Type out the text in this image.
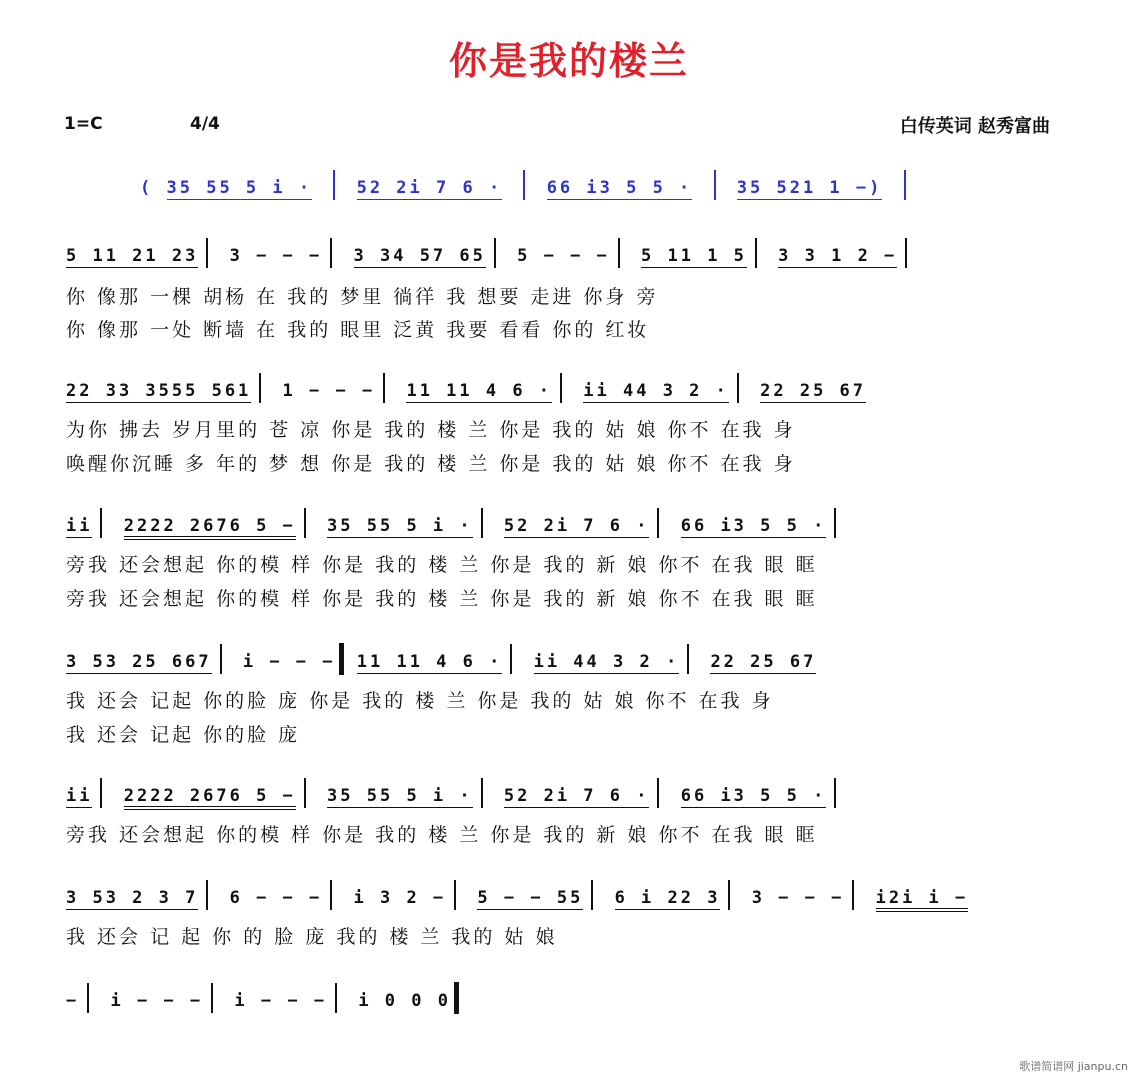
你是我的楼兰
1=C	4/4	白传英词 赵秀富曲
( 35 55 5 i ·	52 2i 7 6 ·	66 i3 5 5 ·	35 521 1 −)
5 11 21 23 3 − − − 3 34 57 65 5 − − − 5 11 1 5 3 3 1 2 −
你 像那 一棵 胡杨 在 我的 梦里 徜徉 我 想要 走进 你身 旁
你 像那 一处 断墙 在 我的 眼里 泛黄 我要 看看 你的 红妆
22 33 3555 561 1 − − − 11 11 4 6 · ii 44 3 2 · 22 25 67
为你 拂去 岁月里的 苍 凉 你是 我的 楼 兰 你是 我的 姑 娘 你不 在我 身
唤醒你沉睡 多 年的 梦 想 你是 我的 楼 兰 你是 我的 姑 娘 你不 在我 身
ii 2222 2676 5 − 35 55 5 i · 52 2i 7 6 · 66 i3 5 5 ·
旁我 还会想起 你的模 样 你是 我的 楼 兰 你是 我的 新 娘 你不 在我 眼 眶
旁我 还会想起 你的模 样 你是 我的 楼 兰 你是 我的 新 娘 你不 在我 眼 眶
3 53 25 667 i − − − 11 11 4 6 · ii 44 3 2 · 22 25 67
我 还会 记起 你的脸 庞 你是 我的 楼 兰 你是 我的 姑 娘 你不 在我 身
我 还会 记起 你的脸 庞
ii 2222 2676 5 − 35 55 5 i · 52 2i 7 6 · 66 i3 5 5 ·
旁我 还会想起 你的模 样 你是 我的 楼 兰 你是 我的 新 娘 你不 在我 眼 眶
3 53 2 3 7 6 − − − i 3 2 − 5 − − 55 6 i 22 3 3 − − − i2i i −
我 还会 记 起 你 的 脸 庞 我的 楼 兰 我的 姑 娘
− i − − − i − − − i 0 0 0
歌谱简谱网 jianpu.cn
